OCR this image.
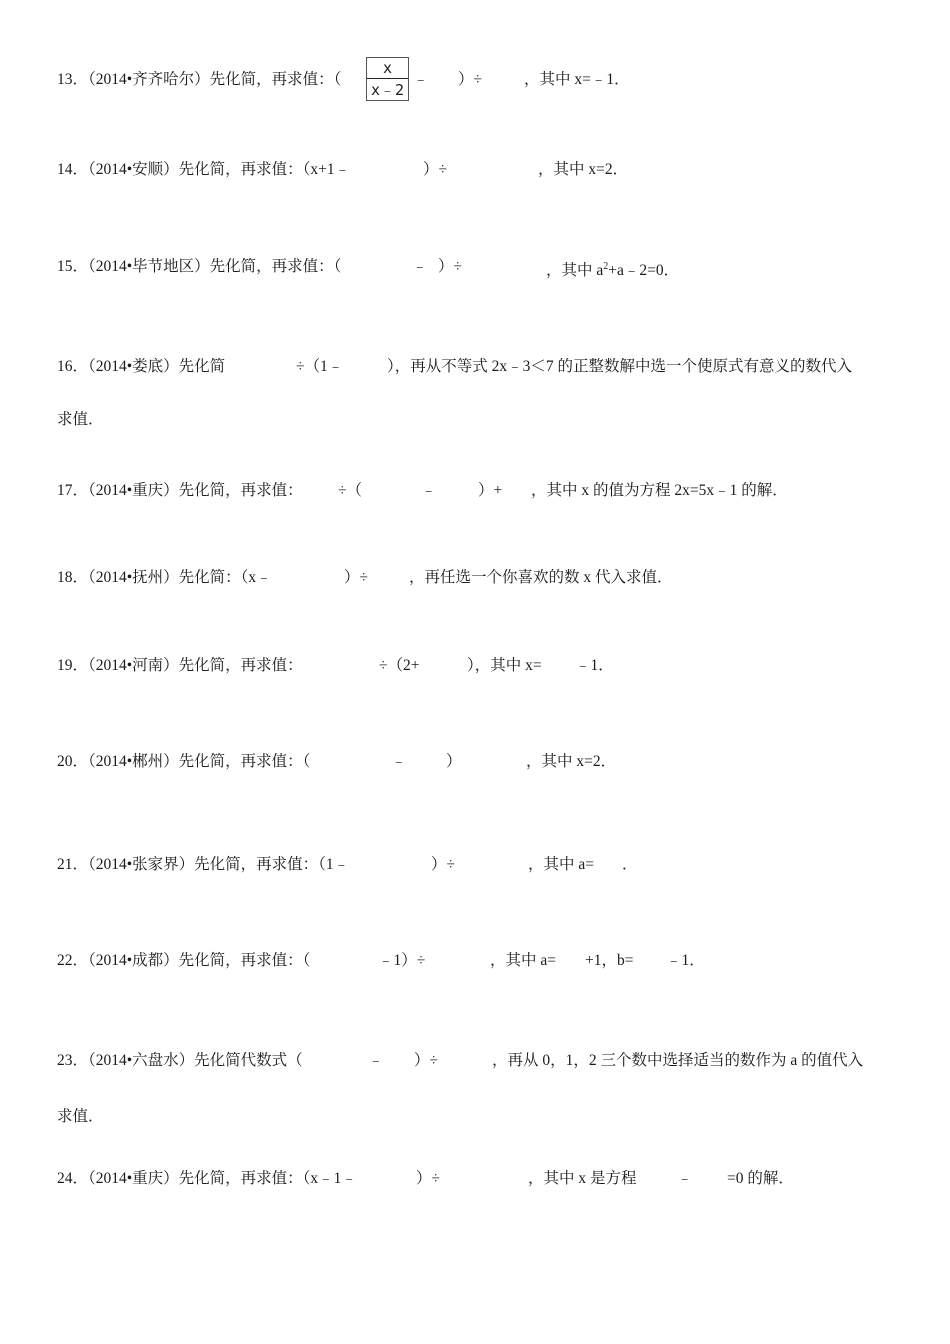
13．（2014•齐齐哈尔）先化简，再求值：（ $\frac{x}{x﹣2}$ ﹣ ）÷	，其中 x=﹣1．
14．（2014•安顺）先化简，再求值：（x+1﹣	）÷	，其中 x=2．
15．（2014•毕节地区）先化简，再求值：（	﹣ ）÷	，其中 $a^2+a﹣2=0$．
16．（2014•娄底）先化简	÷（1﹣	），再从不等式 2x﹣3＜7 的正整数解中选一个使原式有意义的数代入
求值．
17．（2014•重庆）先化简，再求值： ÷（	﹣	）+ ，其中 x 的值为方程 2x=5x﹣1 的解．
18．（2014•抚州）先化简：（x﹣	）÷	，再任选一个你喜欢的数 x 代入求值．
19．（2014•河南）先化简，再求值：	÷（2+	），其中 x= ﹣1．
20．（2014•郴州）先化简，再求值：（	﹣	）	，其中 x=2．
21．（2014•张家界）先化简，再求值：（1﹣	）÷	，其中 a= ．
22．（2014•成都）先化简，再求值：（	﹣1）÷	，其中 a= +1，b= ﹣1．
23．（2014•六盘水）先化简代数式（	﹣ ）÷	，再从 0，1，2 三个数中选择适当的数作为 a 的值代入
求值．
24．（2014•重庆）先化简，再求值：（x﹣1﹣	）÷	，其中 x 是方程	﹣ =0 的解．
